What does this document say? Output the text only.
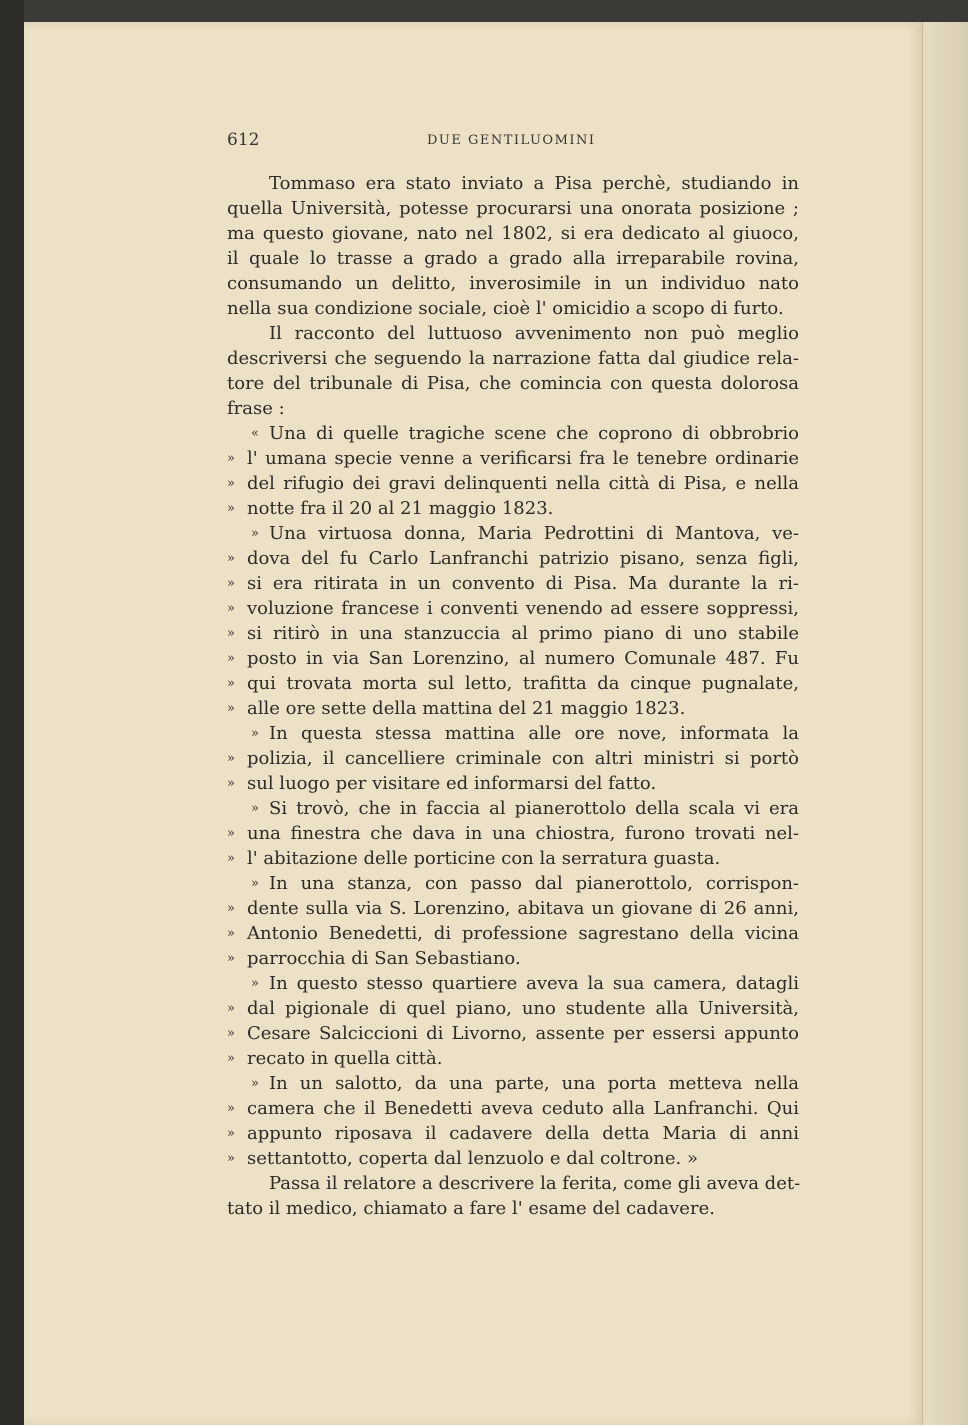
612	DUE GENTILUOMINI
Tommaso era stato inviato a Pisa perchè, studiando in
quella Università, potesse procurarsi una onorata posizione ;
ma questo giovane, nato nel 1802, si era dedicato al giuoco,
il quale lo trasse a grado a grado alla irreparabile rovina,
consumando un delitto, inverosimile in un individuo nato
nella sua condizione sociale, cioè l' omicidio a scopo di furto.
Il racconto del luttuoso avvenimento non può meglio
descriversi che seguendo la narrazione fatta dal giudice rela-
tore del tribunale di Pisa, che comincia con questa dolorosa
frase :
« Una di quelle tragiche scene che coprono di obbrobrio
» l' umana specie venne a verificarsi fra le tenebre ordinarie
» del rifugio dei gravi delinquenti nella città di Pisa, e nella
» notte fra il 20 al 21 maggio 1823.
» Una virtuosa donna, Maria Pedrottini di Mantova, ve-
» dova del fu Carlo Lanfranchi patrizio pisano, senza figli,
» si era ritirata in un convento di Pisa. Ma durante la ri-
» voluzione francese i conventi venendo ad essere soppressi,
» si ritirò in una stanzuccia al primo piano di uno stabile
» posto in via San Lorenzino, al numero Comunale 487. Fu
» qui trovata morta sul letto, trafitta da cinque pugnalate,
» alle ore sette della mattina del 21 maggio 1823.
» In questa stessa mattina alle ore nove, informata la
» polizia, il cancelliere criminale con altri ministri si portò
» sul luogo per visitare ed informarsi del fatto.
» Si trovò, che in faccia al pianerottolo della scala vi era
» una finestra che dava in una chiostra, furono trovati nel-
» l' abitazione delle porticine con la serratura guasta.
» In una stanza, con passo dal pianerottolo, corrispon-
» dente sulla via S. Lorenzino, abitava un giovane di 26 anni,
» Antonio Benedetti, di professione sagrestano della vicina
» parrocchia di San Sebastiano.
» In questo stesso quartiere aveva la sua camera, datagli
» dal pigionale di quel piano, uno studente alla Università,
» Cesare Salciccioni di Livorno, assente per essersi appunto
» recato in quella città.
» In un salotto, da una parte, una porta metteva nella
» camera che il Benedetti aveva ceduto alla Lanfranchi. Qui
» appunto riposava il cadavere della detta Maria di anni
» settantotto, coperta dal lenzuolo e dal coltrone. »
Passa il relatore a descrivere la ferita, come gli aveva det-
tato il medico, chiamato a fare l' esame del cadavere.
